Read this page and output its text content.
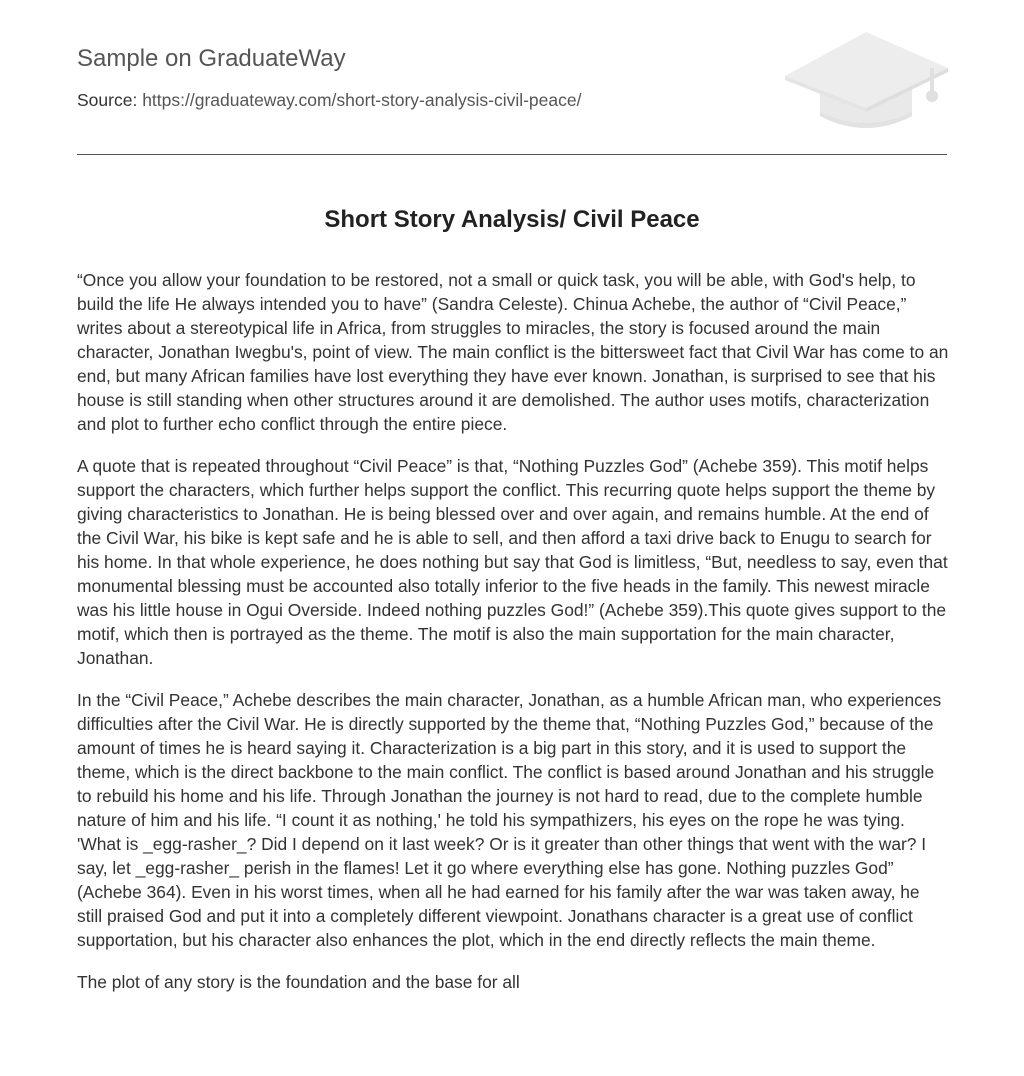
Sample on GraduateWay
Source: https://graduateway.com/short-story-analysis-civil-peace/
Short Story Analysis/ Civil Peace

“Once you allow your foundation to be restored, not a small or quick task, you will be able, with God's help, to build the life He always intended you to have” (Sandra Celeste). Chinua Achebe, the author of “Civil Peace,” writes about a stereotypical life in Africa, from struggles to miracles, the story is focused around the main character, Jonathan Iwegbu's, point of view. The main conflict is the bittersweet fact that Civil War has come to an end, but many African families have lost everything they have ever known. Jonathan, is surprised to see that his house is still standing when other structures around it are demolished. The author uses motifs, characterization and plot to further echo conflict through the entire piece.

A quote that is repeated throughout “Civil Peace” is that, “Nothing Puzzles God” (Achebe 359). This motif helps support the characters, which further helps support the conflict. This recurring quote helps support the theme by giving characteristics to Jonathan. He is being blessed over and over again, and remains humble. At the end of the Civil War, his bike is kept safe and he is able to sell, and then afford a taxi drive back to Enugu to search for his home. In that whole experience, he does nothing but say that God is limitless, “But, needless to say, even that monumental blessing must be accounted also totally inferior to the five heads in the family. This newest miracle was his little house in Ogui Overside. Indeed nothing puzzles God!” (Achebe 359).This quote gives support to the motif, which then is portrayed as the theme. The motif is also the main supportation for the main character, Jonathan.

In the “Civil Peace,” Achebe describes the main character, Jonathan, as a humble African man, who experiences difficulties after the Civil War. He is directly supported by the theme that, “Nothing Puzzles God,” because of the amount of times he is heard saying it. Characterization is a big part in this story, and it is used to support the theme, which is the direct backbone to the main conflict. The conflict is based around Jonathan and his struggle to rebuild his home and his life. Through Jonathan the journey is not hard to read, due to the complete humble nature of him and his life. “I count it as nothing,' he told his sympathizers, his eyes on the rope he was tying. 'What is _egg-rasher_? Did I depend on it last week? Or is it greater than other things that went with the war? I say, let _egg-rasher_ perish in the flames! Let it go where everything else has gone. Nothing puzzles God” (Achebe 364). Even in his worst times, when all he had earned for his family after the war was taken away, he still praised God and put it into a completely different viewpoint. Jonathans character is a great use of conflict supportation, but his character also enhances the plot, which in the end directly reflects the main theme.

The plot of any story is the foundation and the base for all
